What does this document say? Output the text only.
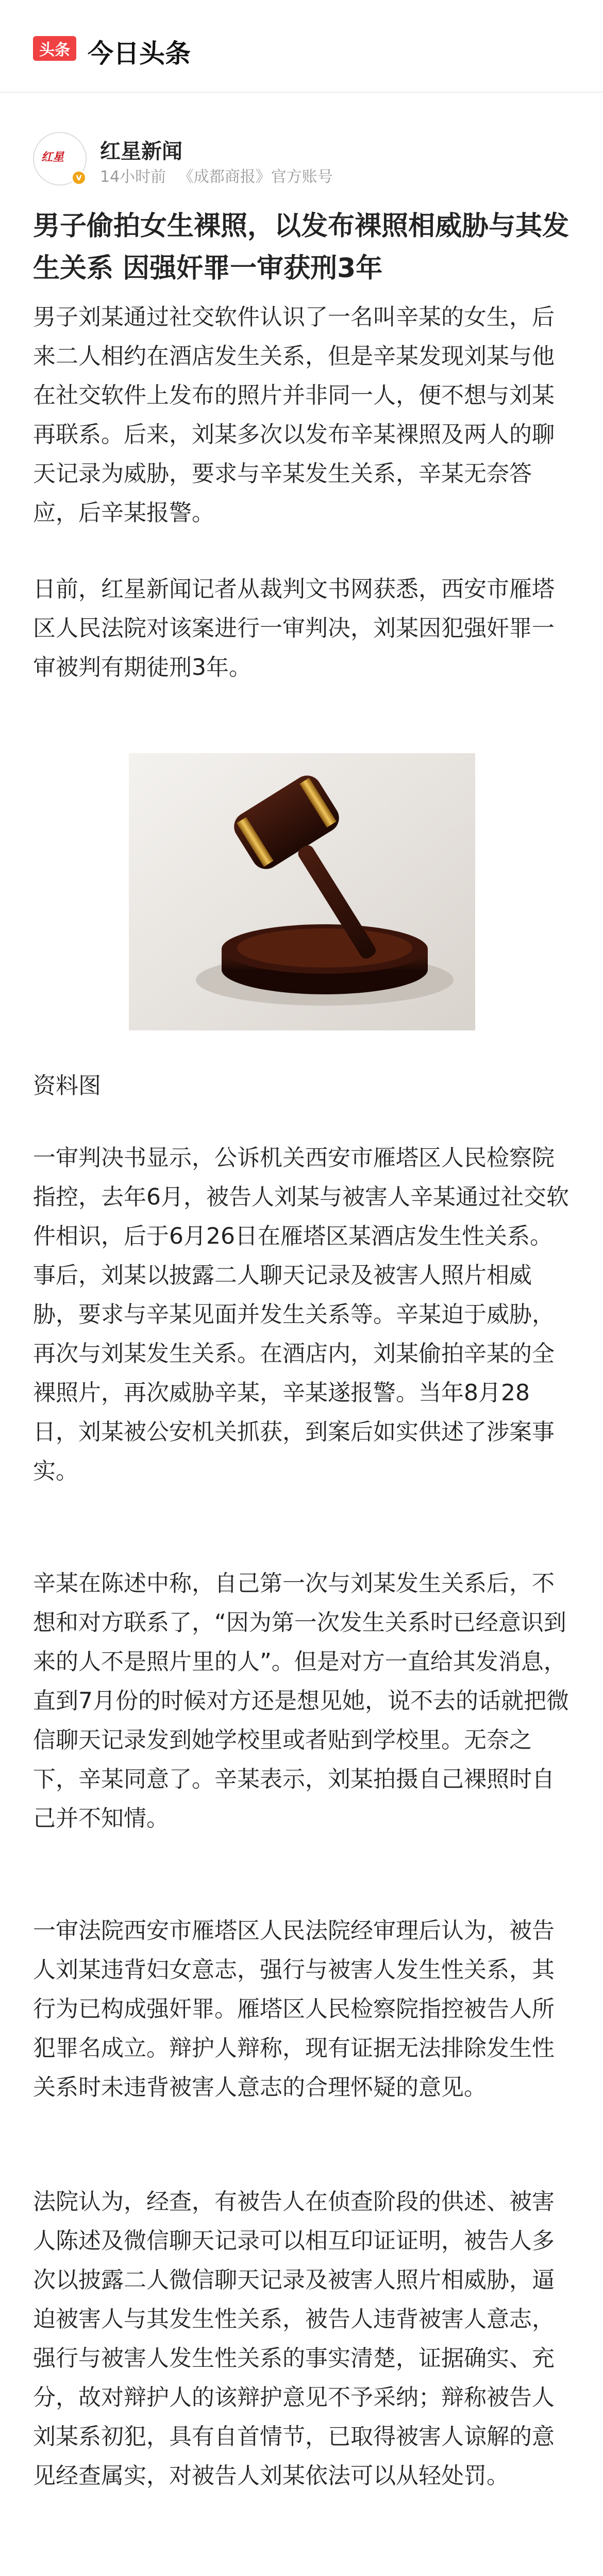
头条 今日头条
红星
v
红星新闻
14小时前 《成都商报》官方账号
男子偷拍女生裸照，以发布裸照相威胁与其发生关系 因强奸罪一审获刑3年
男子刘某通过社交软件认识了一名叫辛某的女生，后来二人相约在酒店发生关系，但是辛某发现刘某与他在社交软件上发布的照片并非同一人，便不想与刘某再联系。后来，刘某多次以发布辛某裸照及两人的聊天记录为威胁，要求与辛某发生关系，辛某无奈答应，后辛某报警。
日前，红星新闻记者从裁判文书网获悉，西安市雁塔区人民法院对该案进行一审判决，刘某因犯强奸罪一审被判有期徒刑3年。
资料图
一审判决书显示，公诉机关西安市雁塔区人民检察院指控，去年6月，被告人刘某与被害人辛某通过社交软件相识，后于6月26日在雁塔区某酒店发生性关系。事后，刘某以披露二人聊天记录及被害人照片相威胁，要求与辛某见面并发生关系等。辛某迫于威胁，再次与刘某发生关系。在酒店内，刘某偷拍辛某的全裸照片，再次威胁辛某，辛某遂报警。当年8月28日，刘某被公安机关抓获，到案后如实供述了涉案事实。
辛某在陈述中称，自己第一次与刘某发生关系后，不想和对方联系了，“因为第一次发生关系时已经意识到来的人不是照片里的人”。但是对方一直给其发消息，直到7月份的时候对方还是想见她，说不去的话就把微信聊天记录发到她学校里或者贴到学校里。无奈之下，辛某同意了。辛某表示，刘某拍摄自己裸照时自己并不知情。
一审法院西安市雁塔区人民法院经审理后认为，被告人刘某违背妇女意志，强行与被害人发生性关系，其行为已构成强奸罪。雁塔区人民检察院指控被告人所犯罪名成立。辩护人辩称，现有证据无法排除发生性关系时未违背被害人意志的合理怀疑的意见。
法院认为，经查，有被告人在侦查阶段的供述、被害人陈述及微信聊天记录可以相互印证证明，被告人多次以披露二人微信聊天记录及被害人照片相威胁，逼迫被害人与其发生性关系，被告人违背被害人意志，强行与被害人发生性关系的事实清楚，证据确实、充分，故对辩护人的该辩护意见不予采纳；辩称被告人刘某系初犯，具有自首情节，已取得被害人谅解的意见经查属实，对被告人刘某依法可以从轻处罚。
